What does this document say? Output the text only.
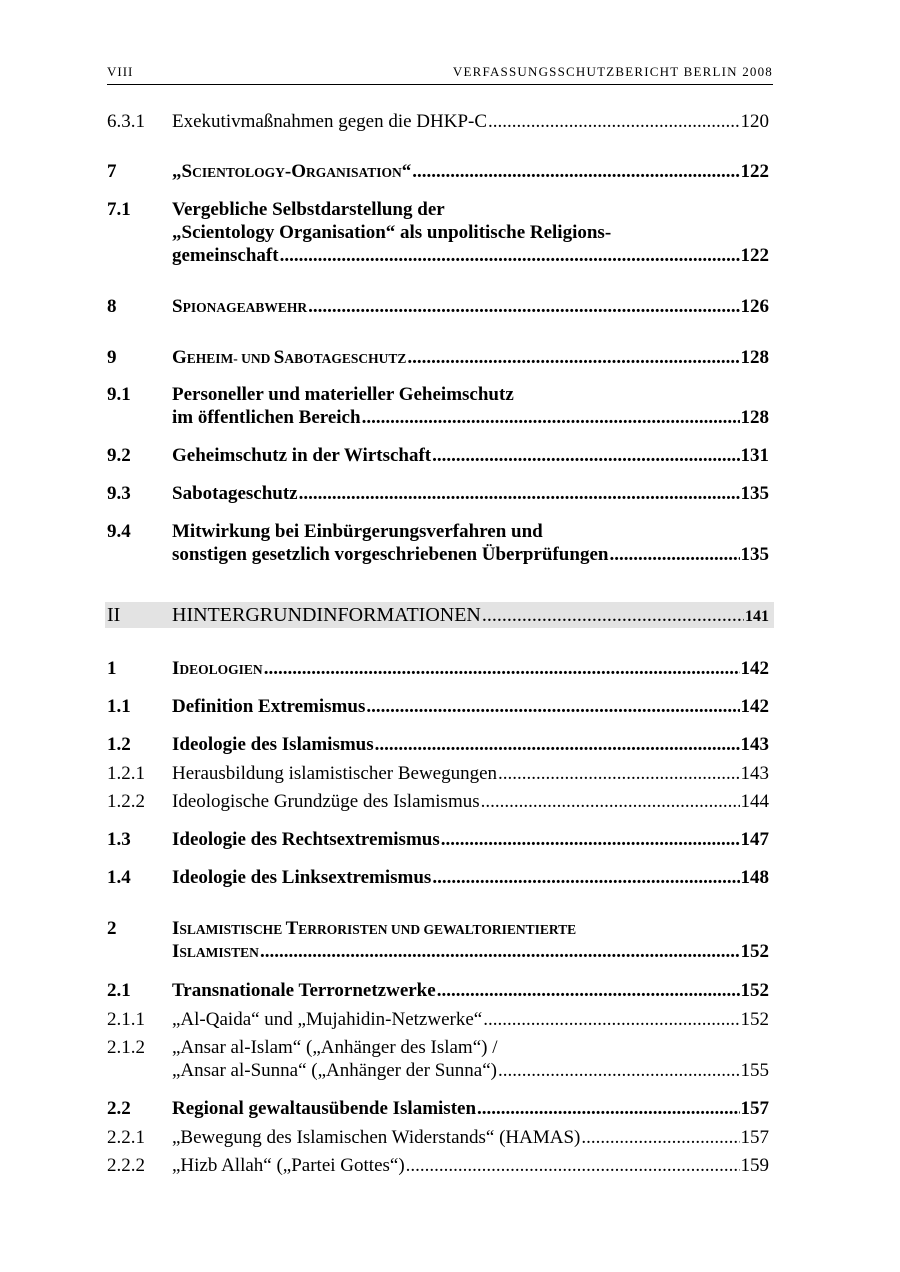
VIII	VERFASSUNGSSCHUTZBERICHT BERLIN 2008
6.3.1 Exekutivmaßnahmen gegen die DHKP-C .....	120
7	„SCIENTOLOGY-ORGANISATION“ .....	122
7.1 Vergebliche Selbstdarstellung der
„Scientology Organisation“ als unpolitische Religions-
gemeinschaft .....	122
8	SPIONAGEABWEHR .....	126
9	GEHEIM- UND SABOTAGESCHUTZ .....	128
9.1 Personeller und materieller Geheimschutz
im öffentlichen Bereich .....	128
9.2 Geheimschutz in der Wirtschaft .....	131
9.3 Sabotageschutz .....	135
9.4 Mitwirkung bei Einbürgerungsverfahren und
sonstigen gesetzlich vorgeschriebenen Überprüfungen .....	135
II	HINTERGRUNDINFORMATIONEN .....	141
1	IDEOLOGIEN .....	142
1.1 Definition Extremismus .....	142
1.2 Ideologie des Islamismus .....	143
1.2.1 Herausbildung islamistischer Bewegungen .....	143
1.2.2 Ideologische Grundzüge des Islamismus .....	144
1.3 Ideologie des Rechtsextremismus .....	147
1.4 Ideologie des Linksextremismus .....	148
2	ISLAMISTISCHE TERRORISTEN UND GEWALTORIENTIERTE
ISLAMISTEN .....	152
2.1 Transnationale Terrornetzwerke .....	152
2.1.1 „Al-Qaida“ und „Mujahidin-Netzwerke“ .....	152
2.1.2 „Ansar al-Islam“ („Anhänger des Islam“) /
„Ansar al-Sunna“ („Anhänger der Sunna“) .....	155
2.2 Regional gewaltausübende Islamisten .....	157
2.2.1 „Bewegung des Islamischen Widerstands“ (HAMAS) .....	157
2.2.2 „Hizb Allah“ („Partei Gottes“) .....	159
